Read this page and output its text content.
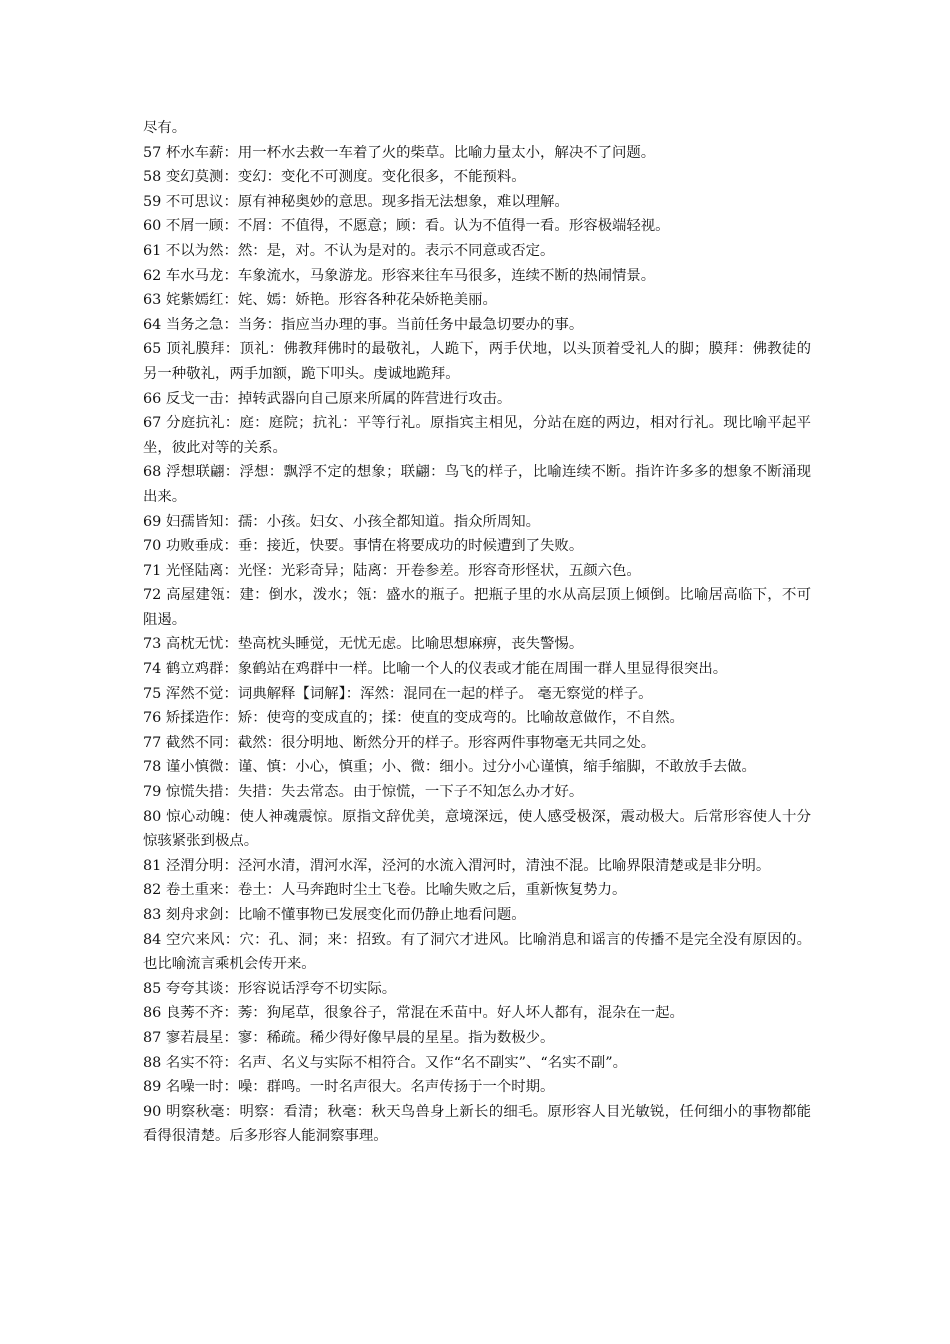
尽有。

57 杯水车薪：用一杯水去救一车着了火的柴草。比喻力量太小，解决不了问题。

58 变幻莫测：变幻：变化不可测度。变化很多，不能预料。

59 不可思议：原有神秘奥妙的意思。现多指无法想象，难以理解。

60 不屑一顾：不屑：不值得，不愿意；顾：看。认为不值得一看。形容极端轻视。

61 不以为然：然：是，对。不认为是对的。表示不同意或否定。

62 车水马龙：车象流水，马象游龙。形容来往车马很多，连续不断的热闹情景。

63 姹紫嫣红：姹、嫣：娇艳。形容各种花朵娇艳美丽。

64 当务之急：当务：指应当办理的事。当前任务中最急切要办的事。

65 顶礼膜拜：顶礼：佛教拜佛时的最敬礼，人跪下，两手伏地，以头顶着受礼人的脚；膜拜：佛教徒的另一种敬礼，两手加额，跪下叩头。虔诚地跪拜。

66 反戈一击：掉转武器向自己原来所属的阵营进行攻击。

67 分庭抗礼：庭：庭院；抗礼：平等行礼。原指宾主相见，分站在庭的两边，相对行礼。现比喻平起平坐，彼此对等的关系。

68 浮想联翩：浮想：飘浮不定的想象；联翩：鸟飞的样子，比喻连续不断。指许许多多的想象不断涌现出来。

69 妇孺皆知：孺：小孩。妇女、小孩全都知道。指众所周知。

70 功败垂成：垂：接近，快要。事情在将要成功的时候遭到了失败。

71 光怪陆离：光怪：光彩奇异；陆离：开卷参差。形容奇形怪状，五颜六色。

72 高屋建瓴：建：倒水，泼水；瓴：盛水的瓶子。把瓶子里的水从高层顶上倾倒。比喻居高临下，不可阻遏。

73 高枕无忧：垫高枕头睡觉，无忧无虑。比喻思想麻痹，丧失警惕。

74 鹤立鸡群：象鹤站在鸡群中一样。比喻一个人的仪表或才能在周围一群人里显得很突出。

75 浑然不觉：词典解释【词解】：浑然：混同在一起的样子。 毫无察觉的样子。

76 矫揉造作：矫：使弯的变成直的；揉：使直的变成弯的。比喻故意做作，不自然。

77 截然不同：截然：很分明地、断然分开的样子。形容两件事物毫无共同之处。

78 谨小慎微：谨、慎：小心，慎重；小、微：细小。过分小心谨慎，缩手缩脚，不敢放手去做。

79 惊慌失措：失措：失去常态。由于惊慌，一下子不知怎么办才好。

80 惊心动魄：使人神魂震惊。原指文辞优美，意境深远，使人感受极深，震动极大。后常形容使人十分惊骇紧张到极点。

81 泾渭分明：泾河水清，渭河水浑，泾河的水流入渭河时，清浊不混。比喻界限清楚或是非分明。

82 卷土重来：卷土：人马奔跑时尘土飞卷。比喻失败之后，重新恢复势力。

83 刻舟求剑：比喻不懂事物已发展变化而仍静止地看问题。

84 空穴来风：穴：孔、洞；来：招致。有了洞穴才进风。比喻消息和谣言的传播不是完全没有原因的。也比喻流言乘机会传开来。

85 夸夸其谈：形容说话浮夸不切实际。

86 良莠不齐：莠：狗尾草，很象谷子，常混在禾苗中。好人坏人都有，混杂在一起。

87 寥若晨星：寥：稀疏。稀少得好像早晨的星星。指为数极少。

88 名实不符：名声、名义与实际不相符合。又作“名不副实”、“名实不副”。

89 名噪一时：噪：群鸣。一时名声很大。名声传扬于一个时期。

90 明察秋毫：明察：看清；秋毫：秋天鸟兽身上新长的细毛。原形容人目光敏锐，任何细小的事物都能看得很清楚。后多形容人能洞察事理。
